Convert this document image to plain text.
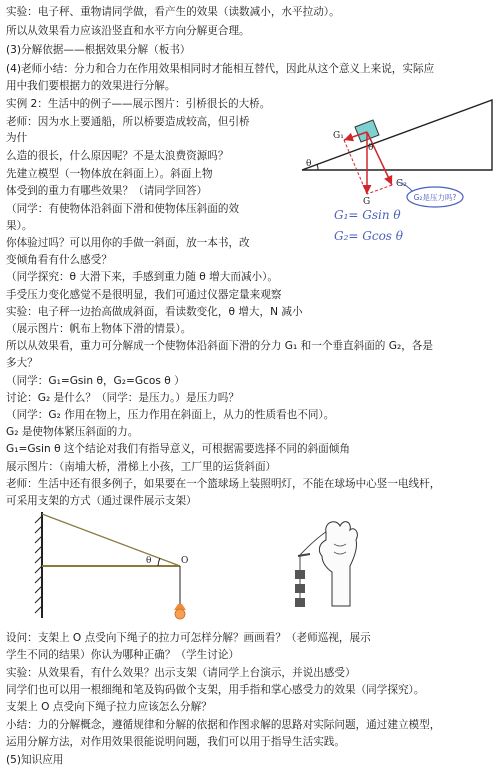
实验：电子秤、重物请同学做，看产生的效果（读数减小，水平拉动）。
所以从效果看力应该沿竖直和水平方向分解更合理。
(3)分解依据——根据效果分解（板书）
(4)老师小结：分力和合力在作用效果相同时才能相互替代，因此从这个意义上来说，实际应
用中我们要根据力的效果进行分解。
实例 2：生活中的例子——展示图片：引桥很长的大桥。
老师：因为水上要通船，所以桥要造成较高，但引桥
为什
么造的很长，什么原因呢？不是太浪费资源吗？
先建立模型（一物体放在斜面上）。斜面上物
体受到的重力有哪些效果？（请同学回答）
（同学：有使物体沿斜面下滑和使物体压斜面的效
果）。
你体验过吗？可以用你的手做一斜面，放一本书，改
变倾角看有什么感受？
（同学探究：θ 大滑下来，手感到重力随 θ 增大而减小）。
手受压力变化感觉不是很明显，我们可通过仪器定量来观察
实验：电子秤一边抬高做成斜面，看读数变化，θ 增大，N 减小
（展示图片：帆布上物体下滑的情景）。
所以从效果看，重力可分解成一个使物体沿斜面下滑的分力 G₁ 和一个垂直斜面的 G₂，各是
多大？
（同学：G₁=Gsin θ，G₂=Gcos θ ）
讨论：G₂ 是什么？（同学：是压力。）是压力吗？
（同学：G₂ 作用在物上，压力作用在斜面上，从力的性质看也不同）。
G₂ 是使物体紧压斜面的力。
G₁=Gsin θ 这个结论对我们有指导意义，可根据需要选择不同的斜面倾角
展示图片：（南埔大桥，滑梯上小孩，工厂里的运货斜面）
老师：生活中还有很多例子，如果要在一个篮球场上装照明灯，不能在球场中心竖一电线杆，
可采用支架的方式（通过课件展示支架）
设问：支架上 O 点受向下绳子的拉力可怎样分解？画画看？（老师巡视，展示
学生不同的结果）你认为哪种正确？（学生讨论）
实验：从效果看，有什么效果？出示支架（请同学上台演示，并说出感受）
同学们也可以用一根细绳和笔及钩码做个支架，用手指和掌心感受力的效果（同学探究）。
支架上 O 点受向下绳子拉力应该怎么分解？
小结：力的分解概念，遵循规律和分解的依据和作图求解的思路对实际问题，通过建立模型，
运用分解方法，对作用效果很能说明问题，我们可以用于指导生活实践。
(5)知识应用
θ
G₁
θ
G
G₂
G₂是压力吗?
G₁= Gsin θ
G₂= Gcos θ
θ	O
